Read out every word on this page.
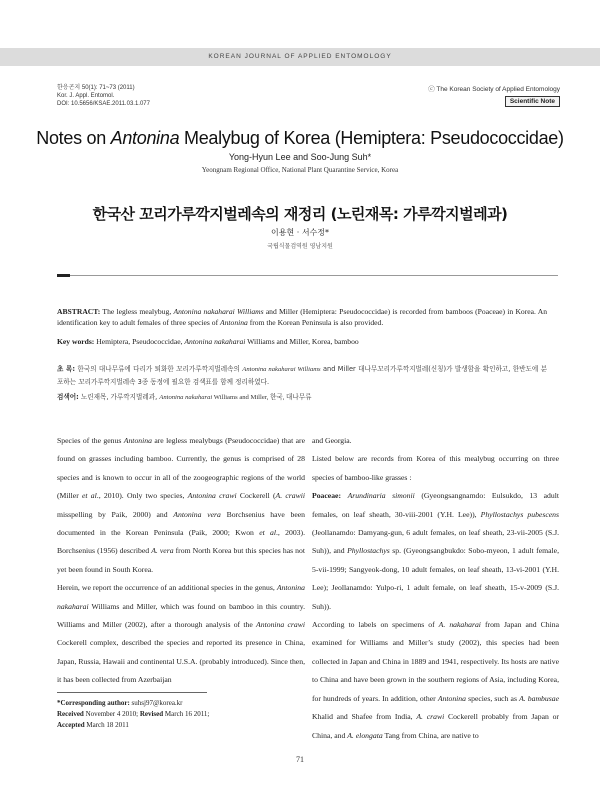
KOREAN JOURNAL OF APPLIED ENTOMOLOGY
한응곤지 50(1): 71~73 (2011)
Kor. J. Appl. Entomol.
DOI: 10.5656/KSAE.2011.03.1.077
ⓒ The Korean Society of Applied Entomology
Scientific Note
Notes on Antonina Mealybug of Korea (Hemiptera: Pseudococcidae)
Yong-Hyun Lee and Soo-Jung Suh*
Yeongnam Regional Office, National Plant Quarantine Service, Korea
한국산 꼬리가루깍지벌레속의 재정리 (노린재목: 가루깍지벌레과)
이용현 · 서수정*
국립식물검역원 영남지원
ABSTRACT: The legless mealybug, Antonina nakaharai Williams and Miller (Hemiptera: Pseudococcidae) is recorded from bamboos (Poaceae) in Korea. An identification key to adult females of three species of Antonina from the Korean Peninsula is also provided.
Key words: Hemiptera, Pseudococcidae, Antonina nakaharai Williams and Miller, Korea, bamboo
초 록: 한국의 대나무류에 다리가 퇴화한 꼬리가루깍지벌레속의 Antonina nakaharai Williams and Miller 대나무꼬리가루깍지벌레(신칭)가 발생함을 확인하고, 한반도에 분포하는 꼬리가루깍지벌레속 3종 동정에 필요한 검색표를 함께 정리하였다.
검색어: 노린재목, 가루깍지벌레과, Antonina nakaharai Williams and Miller, 한국, 대나무류

Species of the genus Antonina are legless mealybugs (Pseudococcidae) that are found on grasses including bamboo. Currently, the genus is comprised of 28 species and is known to occur in all of the zoogeographic regions of the world (Miller et al., 2010). Only two species, Antonina crawi Cockerell (A. crawii misspelling by Paik, 2000) and Antonina vera Borchsenius have been documented in the Korean Peninsula (Paik, 2000; Kwon et al., 2003). Borchsenius (1956) described A. vera from North Korea but this species has not yet been found in South Korea.

Herein, we report the occurrence of an additional species in the genus, Antonina nakaharai Williams and Miller, which was found on bamboo in this country. Williams and Miller (2002), after a thorough analysis of the Antonina crawi Cockerell complex, described the species and reported its presence in China, Japan, Russia, Hawaii and continental U.S.A. (probably introduced). Since then, it has been collected from Azerbaijan

and Georgia.

Listed below are records from Korea of this mealybug occurring on three species of bamboo-like grasses :

Poaceae: Arundinaria simonii (Gyeongsangnamdo: Eulsukdo, 13 adult females, on leaf sheath, 30-viii-2001 (Y.H. Lee)), Phyllostachys pubescens (Jeollanamdo: Damyang-gun, 6 adult females, on leaf sheath, 23-vii-2005 (S.J. Suh)), and Phyllostachys sp. (Gyeongsangbukdo: Sobo-myeon, 1 adult female, 5-vii-1999; Sangyeok-dong, 10 adult females, on leaf sheath, 13-vi-2001 (Y.H. Lee); Jeollanamdo: Yulpo-ri, 1 adult female, on leaf sheath, 15-v-2009 (S.J. Suh)).

According to labels on specimens of A. nakaharai from Japan and China examined for Williams and Miller’s study (2002), this species had been collected in Japan and China in 1889 and 1941, respectively. Its hosts are native to China and have been grown in the southern regions of Asia, including Korea, for hundreds of years. In addition, other Antonina species, such as A. bambusae Khalid and Shafee from India, A. crawi Cockerell probably from Japan or China, and A. elongata Tang from China, are native to

*Corresponding author: suhsj97@korea.kr
Received November 4 2010; Revised March 16 2011;
Accepted March 18 2011
71
